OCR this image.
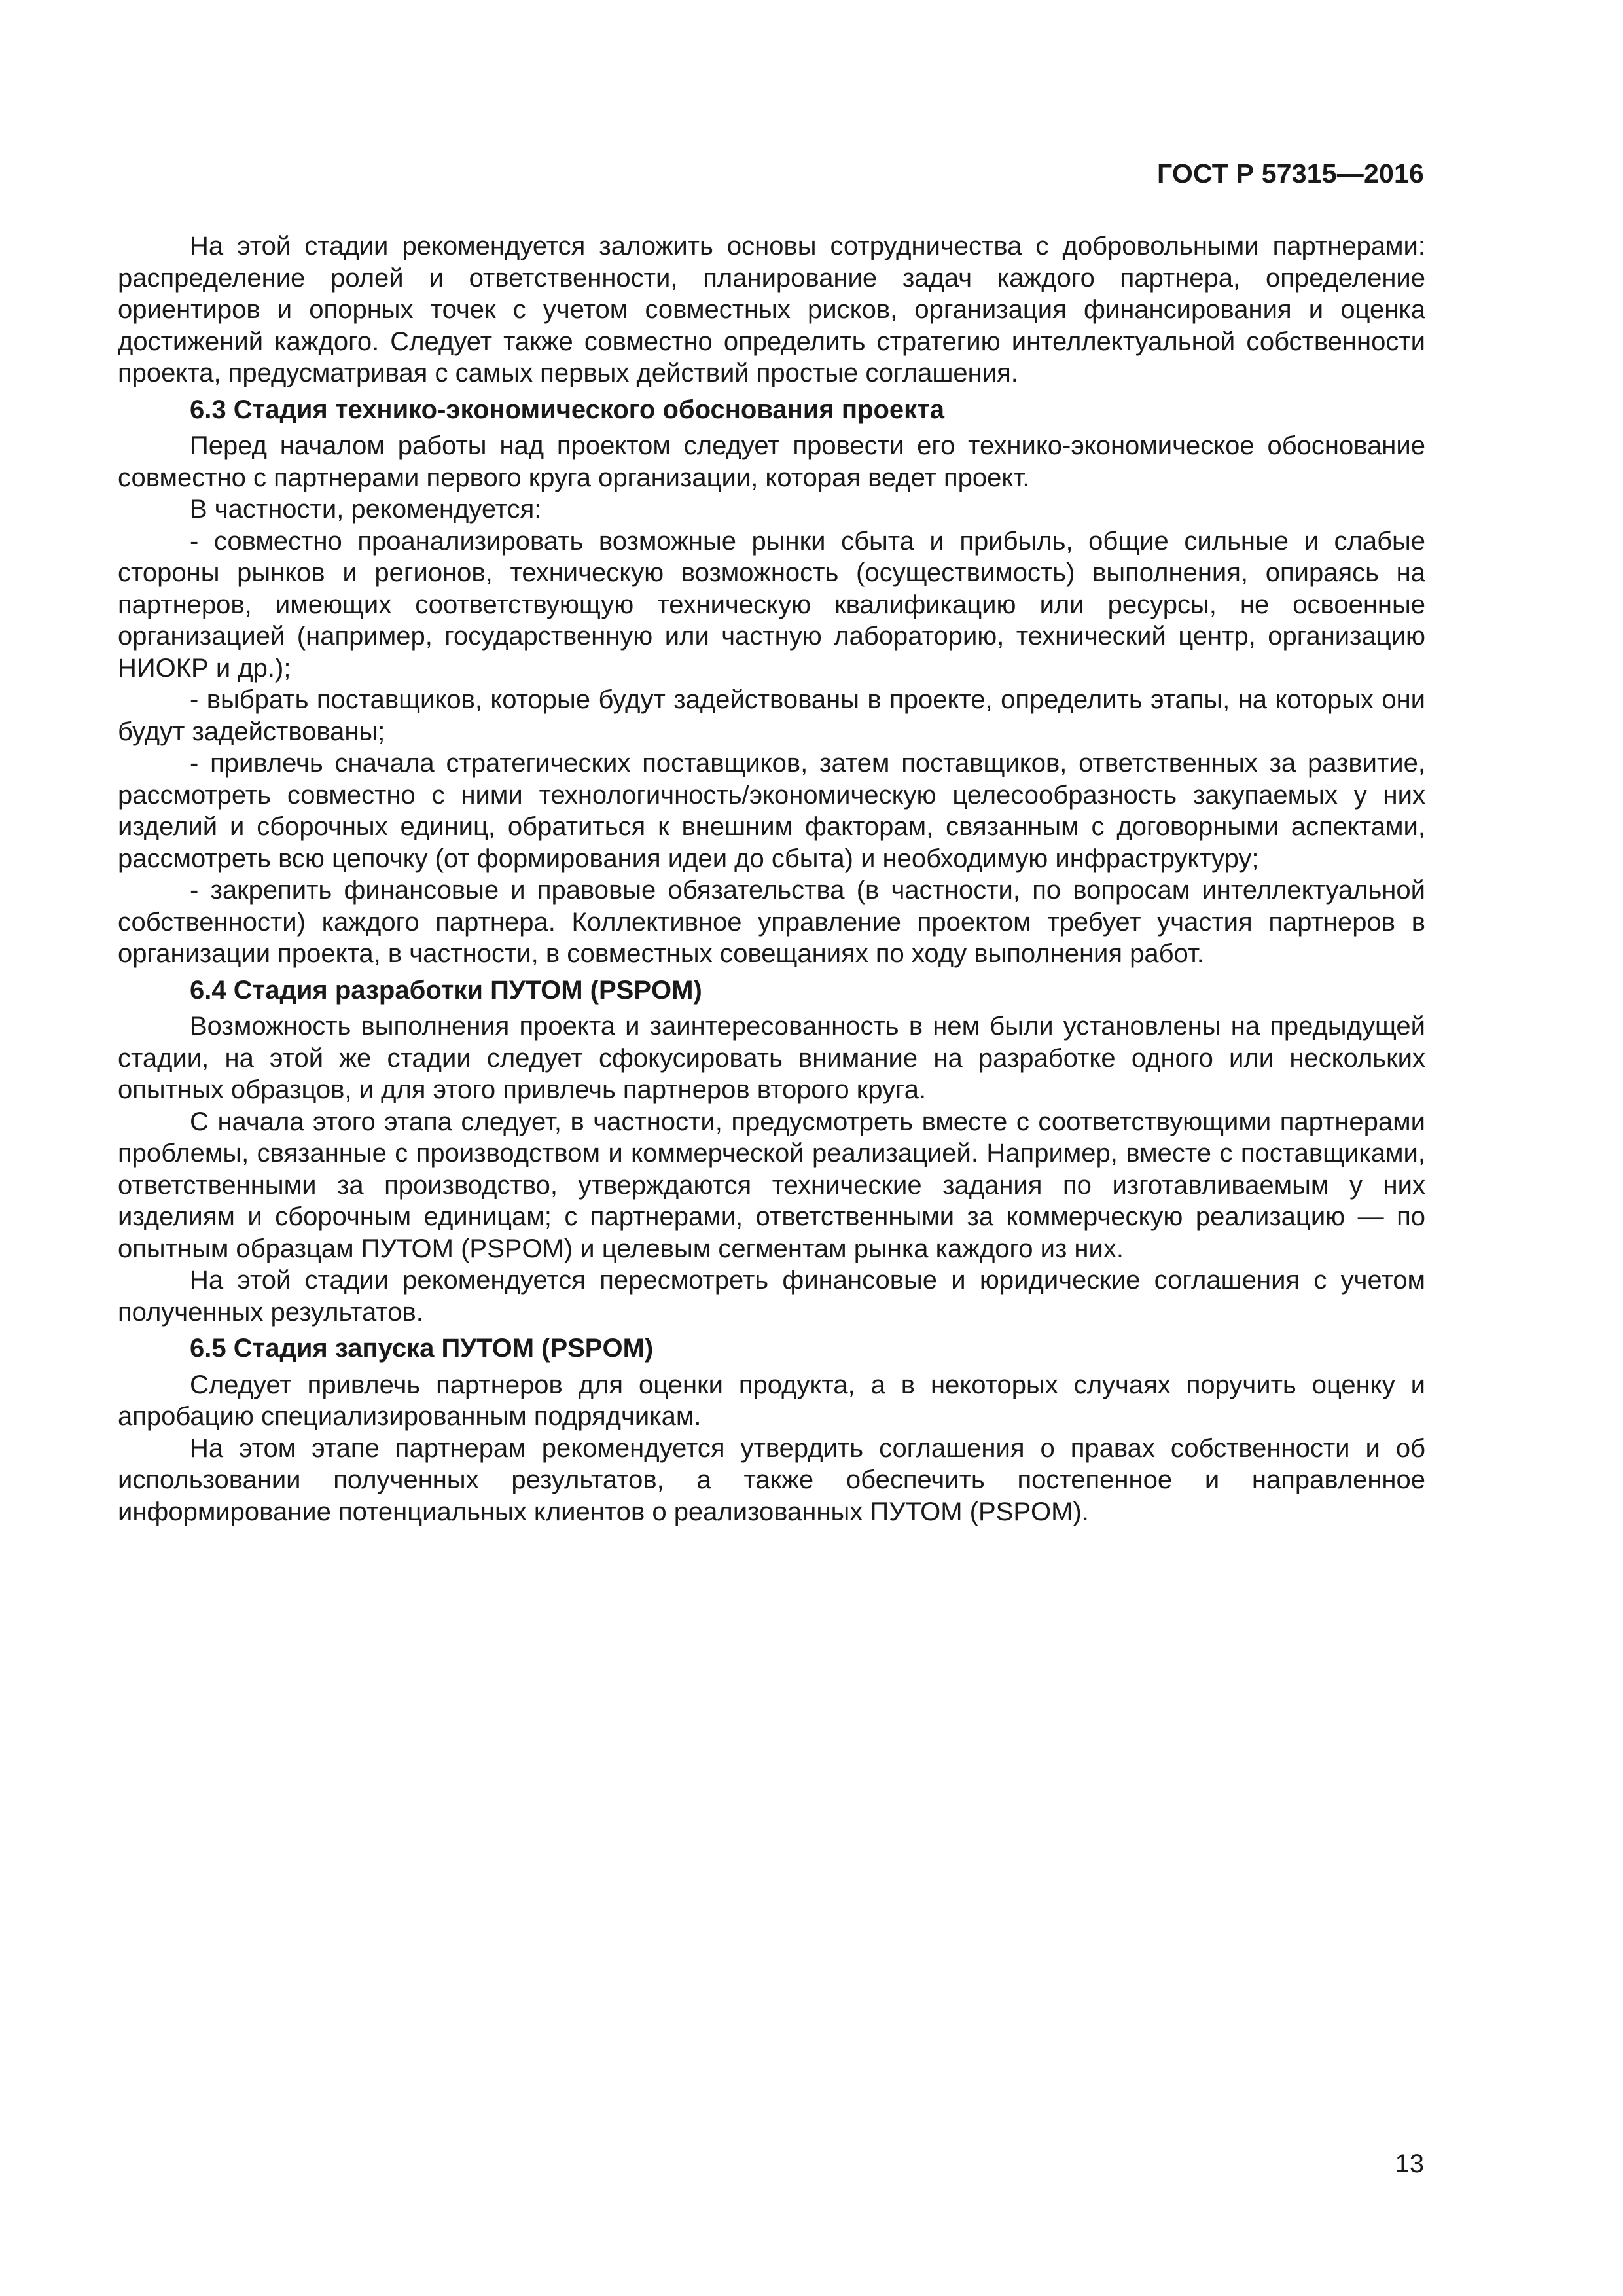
ГОСТ Р 57315—2016

На этой стадии рекомендуется заложить основы сотрудничества с добровольными партнерами: распределение ролей и ответственности, планирование задач каждого партнера, определение ориентиров и опорных точек с учетом совместных рисков, организация финансирования и оценка достижений каждого. Следует также совместно определить стратегию интеллектуальной собственности проекта, предусматривая с самых первых действий простые соглашения.

6.3 Стадия технико-экономического обоснования проекта

Перед началом работы над проектом следует провести его технико-экономическое обоснование совместно с партнерами первого круга организации, которая ведет проект.

В частности, рекомендуется:

- совместно проанализировать возможные рынки сбыта и прибыль, общие сильные и слабые стороны рынков и регионов, техническую возможность (осуществимость) выполнения, опираясь на партнеров, имеющих соответствующую техническую квалификацию или ресурсы, не освоенные организацией (например, государственную или частную лабораторию, технический центр, организацию НИОКР и др.);

- выбрать поставщиков, которые будут задействованы в проекте, определить этапы, на которых они будут задействованы;

- привлечь сначала стратегических поставщиков, затем поставщиков, ответственных за развитие, рассмотреть совместно с ними технологичность/экономическую целесообразность закупаемых у них изделий и сборочных единиц, обратиться к внешним факторам, связанным с договорными аспектами, рассмотреть всю цепочку (от формирования идеи до сбыта) и необходимую инфраструктуру;

- закрепить финансовые и правовые обязательства (в частности, по вопросам интеллектуальной собственности) каждого партнера. Коллективное управление проектом требует участия партнеров в организации проекта, в частности, в совместных совещаниях по ходу выполнения работ.

6.4 Стадия разработки ПУТОМ (PSPOM)

Возможность выполнения проекта и заинтересованность в нем были установлены на предыдущей стадии, на этой же стадии следует сфокусировать внимание на разработке одного или нескольких опытных образцов, и для этого привлечь партнеров второго круга.

С начала этого этапа следует, в частности, предусмотреть вместе с соответствующими партнерами проблемы, связанные с производством и коммерческой реализацией. Например, вместе с поставщиками, ответственными за производство, утверждаются технические задания по изготавливаемым у них изделиям и сборочным единицам; с партнерами, ответственными за коммерческую реализацию — по опытным образцам ПУТОМ (PSPOM) и целевым сегментам рынка каждого из них.

На этой стадии рекомендуется пересмотреть финансовые и юридические соглашения с учетом полученных результатов.

6.5 Стадия запуска ПУТОМ (PSPOM)

Следует привлечь партнеров для оценки продукта, а в некоторых случаях поручить оценку и апробацию специализированным подрядчикам.

На этом этапе партнерам рекомендуется утвердить соглашения о правах собственности и об использовании полученных результатов, а также обеспечить постепенное и направленное информирование потенциальных клиентов о реализованных ПУТОМ (PSPOM).

13
